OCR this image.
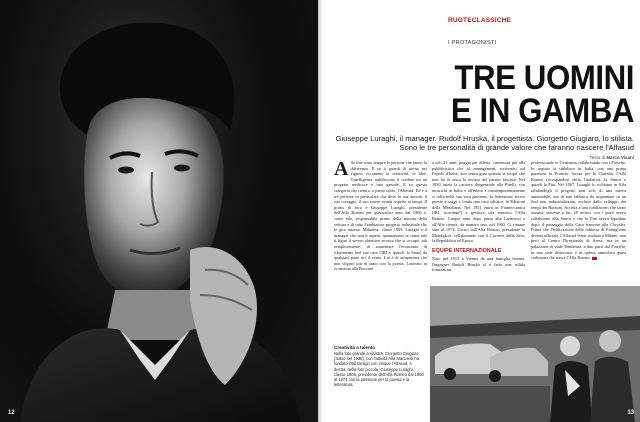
12
RUOTECLASSICHE
I PROTAGONISTI
TRE UOMINI
E IN GAMBA
Giuseppe Luraghi, il manager. Rudolf Hruska, il progettista. Giorgetto Giugiaro, lo stilista. Sono le tre personalità di grande valore che faranno nascere l'Alfasud
Testo di Marco Visani
Alla fine sono sempre le persone che fanno la differenza. E se ti guardi di norno nei vigneri ecconomi la creatività, le idee, l'intelligenza stabiliscono il confine tra un progetto mediocre e uno geniale. E in questa categoria che rientra, a pieno titolo, l'Alfasud. Ed è a tre persone in particolare che deve la sua unicità, il suo coraggio, il suo essere avanti rispetto ai tempi. Il primo di loro è Giuseppe Luraghi, presidente dell'Alfa Romeo per quattordici anni dal 1960 e, come tale, responsabile primo della nascita della vettura e di tutto l'ambizioso progetto industriale che le gira intorno. Milanese, classe 1905, Luraghi è il manager che non ti aspetti, quantomeno se come tale ti figuri il severo obiettivo tecnico che si occupò, più semplicemente, di aumentare l'economia di riferimento (nel suo caso l'IRI e, quindi, lo Stato) da qualsiasi parte tiri il vento. Lui è di un'apertura che non sfigurò più di tanto con la poesia. Laureato in economia alla Bocconi
a soli 21 anni, poggia per diletto, cimentosa più alla pubblicistica che al management, scrivendo sul Popolo d'Italia, non senza guai quando si scoprì che non ha in tasca la tessera del partito fascista. Nel 1930 inizia la carriera dirigenziale alla Pirelli, con incarichi in Italia e all'estero e contemporaneamente si tuffa nella sua vera passione, la letteratura: scrive poesie e saggi e fonda una casa editrice, le Edizioni della Meridiana. Nel 1951 entra in Finmeccanica (IRI, ricordate?) e gestisce «da remoto» l'Alfa Romeo. Cinque anni dopo passa alla Lanerossi e all'Alfa rientra, da numero uno, nel 1960. Ci rimane sino al 1974. Uscito dall'Alfa Romeo, presidente la Mondadori, collaborando con il Corriere della Sera, la Repubblica ed Epoca.
EQUIPE INTERNAZIONALE
Nato nel 1915 a Vienna da una famiglia boema, l'ingegner Rudolf Hruska si è fatto una solida formazione
professionale in Germania collaborando con i Porsche. In seguito si stabilisce in Italia, con una prima parentesi in Francia: lavora per la Cisitalia, l'Alfa Romeo (occupandosi della Giulietta), la Simca e quindi la Fiat. Nel 1967, Luraghi lo richiama in Alfa affidandogli il progetto non solo di una nuova automobile, ma di una fabbrica da impiantare in un Sud non industrializzato, escluso dallo sviluppo dai tempi dei Borboni. Accetta a una condizione: che siano assunti, assieme a lui, 20 tecnici con i quali aveva collaborato alla Simca e che la Fiat aveva liquidato dopo il passaggio della Casa francese alla Chrysler. Prima che l'edificazione della fabbrica di Pomigliano diventi ufficiale, l'Alfasud viene studiata a Milano, non però al Centro Direzionale di Arese, ma in un palazzone di viale Tenderina, a due passi dal Portello, in una sede distaccata: è in questa atmosfera quasi carbonara che nasce l'Alfa Romeo
Creatività a talento
Nella foto grande a sinistra, Giorgetto Giugiaro (Salso nel 1938), con l'attività Alfa Martorelli ha fondato l'Ital Design con cinque l'Alfasud. A destra, nella foto piccola, Giuseppe Luraghi, classe 1905, presidente dell'Alfa Romeo dal 1960 al 1974 con la passione per la poesia e la letteratura.
13
